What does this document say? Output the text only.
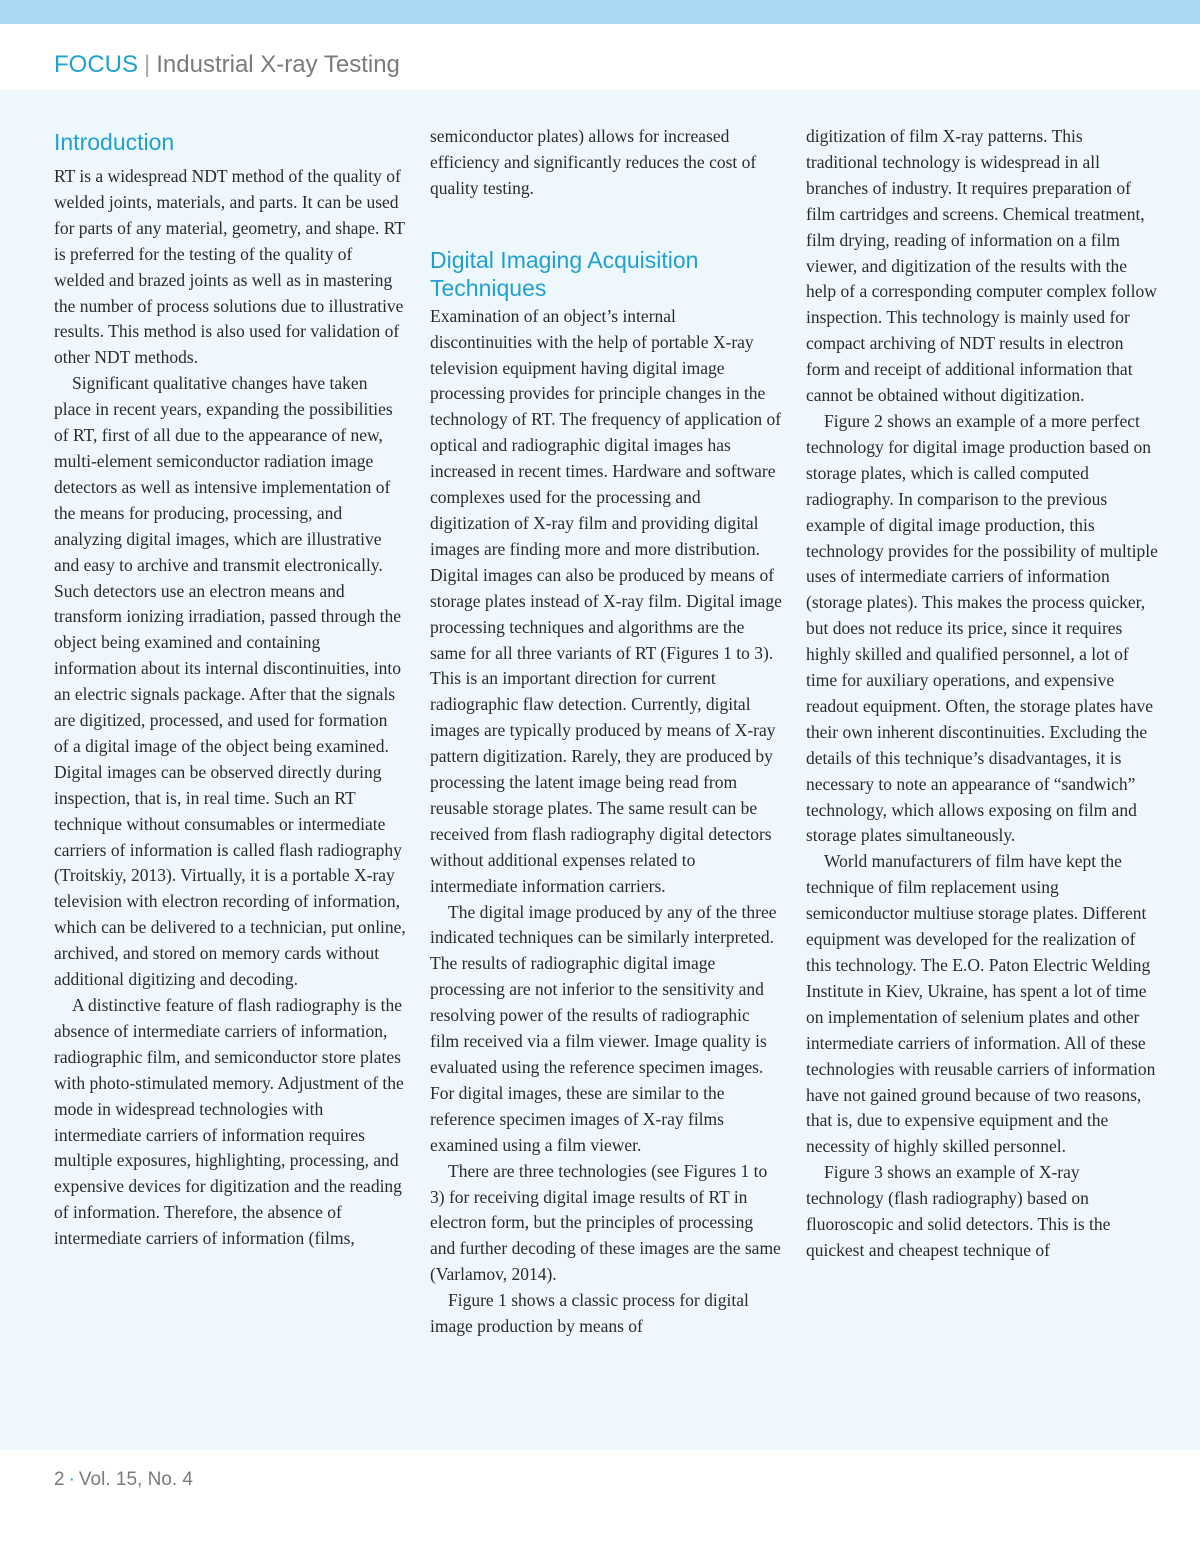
FOCUS | Industrial X-ray Testing
Introduction

RT is a widespread NDT method of the quality of welded joints, materials, and parts. It can be used for parts of any material, geometry, and shape. RT is preferred for the testing of the quality of welded and brazed joints as well as in mastering the number of process solutions due to illustrative results. This method is also used for validation of other NDT methods.

Significant qualitative changes have taken place in recent years, expanding the possibilities of RT, first of all due to the appearance of new, multi-element semiconductor radiation image detectors as well as intensive implementation of the means for producing, processing, and analyzing digital images, which are illustrative and easy to archive and transmit electronically. Such detectors use an electron means and transform ionizing irradiation, passed through the object being examined and containing information about its internal discontinuities, into an electric signals package. After that the signals are digitized, processed, and used for formation of a digital image of the object being examined. Digital images can be observed directly during inspection, that is, in real time. Such an RT technique without consumables or intermediate carriers of information is called flash radiography (Troitskiy, 2013). Virtually, it is a portable X-ray television with electron recording of information, which can be delivered to a technician, put online, archived, and stored on memory cards without additional digitizing and decoding.

A distinctive feature of flash radiography is the absence of intermediate carriers of information, radiographic film, and semiconductor store plates with photo-stimulated memory. Adjustment of the mode in widespread technologies with intermediate carriers of information requires multiple exposures, highlighting, processing, and expensive devices for digitization and the reading of information. Therefore, the absence of intermediate carriers of information (films,

semiconductor plates) allows for increased efficiency and significantly reduces the cost of quality testing.

Digital Imaging Acquisition Techniques

Examination of an object’s internal discontinuities with the help of portable X-ray television equipment having digital image processing provides for principle changes in the technology of RT. The frequency of application of optical and radiographic digital images has increased in recent times. Hardware and software complexes used for the processing and digitization of X-ray film and providing digital images are finding more and more distribution. Digital images can also be produced by means of storage plates instead of X-ray film. Digital image processing techniques and algorithms are the same for all three variants of RT (Figures 1 to 3). This is an important direction for current radiographic flaw detection. Currently, digital images are typically produced by means of X-ray pattern digitization. Rarely, they are produced by processing the latent image being read from reusable storage plates. The same result can be received from flash radiography digital detectors without additional expenses related to intermediate information carriers.

The digital image produced by any of the three indicated techniques can be similarly interpreted. The results of radiographic digital image processing are not inferior to the sensitivity and resolving power of the results of radiographic film received via a film viewer. Image quality is evaluated using the reference specimen images. For digital images, these are similar to the reference specimen images of X-ray films examined using a film viewer.

There are three technologies (see Figures 1 to 3) for receiving digital image results of RT in electron form, but the principles of processing and further decoding of these images are the same (Varlamov, 2014).

Figure 1 shows a classic process for digital image production by means of

digitization of film X-ray patterns. This traditional technology is widespread in all branches of industry. It requires preparation of film cartridges and screens. Chemical treatment, film drying, reading of information on a film viewer, and digitization of the results with the help of a corresponding computer complex follow inspection. This technology is mainly used for compact archiving of NDT results in electron form and receipt of additional information that cannot be obtained without digitization.

Figure 2 shows an example of a more perfect technology for digital image production based on storage plates, which is called computed radiography. In comparison to the previous example of digital image production, this technology provides for the possibility of multiple uses of intermediate carriers of information (storage plates). This makes the process quicker, but does not reduce its price, since it requires highly skilled and qualified personnel, a lot of time for auxiliary operations, and expensive readout equipment. Often, the storage plates have their own inherent discontinuities. Excluding the details of this technique’s disadvantages, it is necessary to note an appearance of “sandwich” technology, which allows exposing on film and storage plates simultaneously.

World manufacturers of film have kept the technique of film replacement using semiconductor multiuse storage plates. Different equipment was developed for the realization of this technology. The E.O. Paton Electric Welding Institute in Kiev, Ukraine, has spent a lot of time on implementation of selenium plates and other intermediate carriers of information. All of these technologies with reusable carriers of information have not gained ground because of two reasons, that is, due to expensive equipment and the necessity of highly skilled personnel.

Figure 3 shows an example of X-ray technology (flash radiography) based on fluoroscopic and solid detectors. This is the quickest and cheapest technique of

2 · Vol. 15, No. 4
